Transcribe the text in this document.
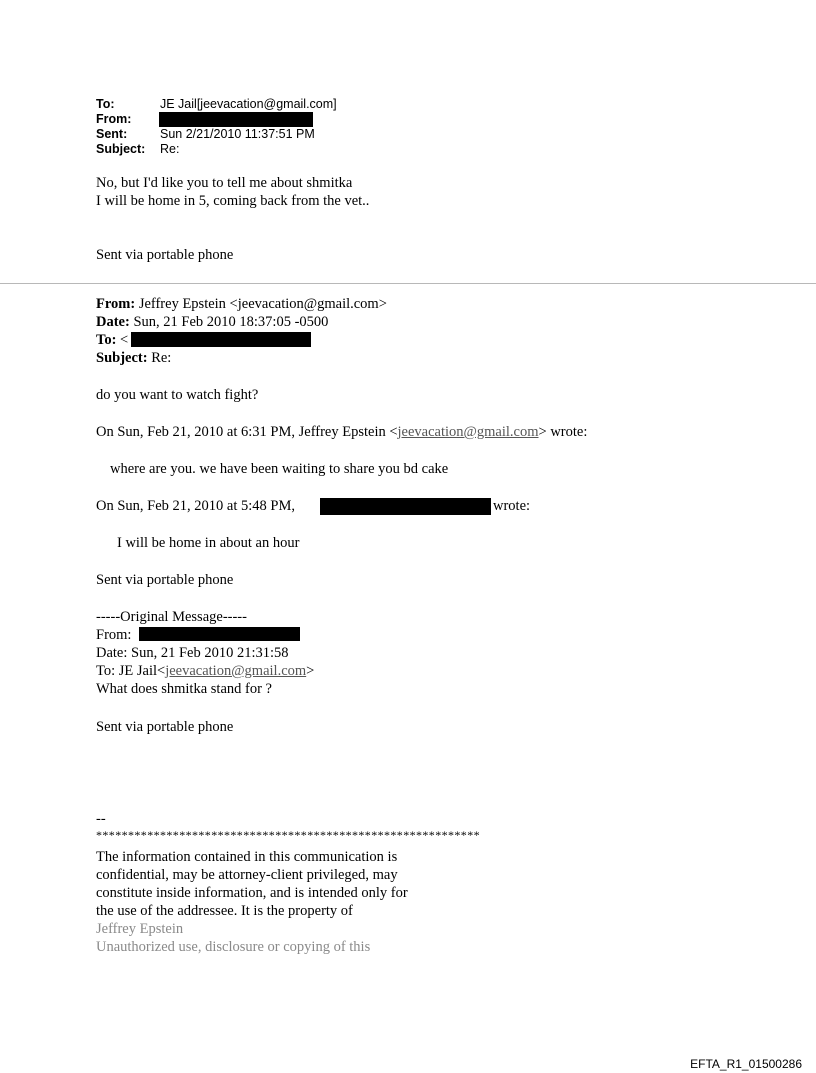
To:	JE Jail[jeevacation@gmail.com]
From:
Sent:	Sun 2/21/2010 11:37:51 PM
Subject: Re:
No, but I'd like you to tell me about shmitka
I will be home in 5, coming back from the vet..
Sent via portable phone
From: Jeffrey Epstein <jeevacation@gmail.com>
Date: Sun, 21 Feb 2010 18:37:05 -0500
To: <
Subject: Re:
do you want to watch fight?
On Sun, Feb 21, 2010 at 6:31 PM, Jeffrey Epstein <jeevacation@gmail.com> wrote:
where are you. we have been waiting to share you bd cake
On Sun, Feb 21, 2010 at 5:48 PM,	wrote:
I will be home in about an hour
Sent via portable phone
-----Original Message-----
From:
Date: Sun, 21 Feb 2010 21:31:58
To: JE Jail<jeevacation@gmail.com>
What does shmitka stand for ?
Sent via portable phone
--
************************************************************
The information contained in this communication is
confidential, may be attorney-client privileged, may
constitute inside information, and is intended only for
the use of the addressee. It is the property of
Jeffrey Epstein
Unauthorized use, disclosure or copying of this
EFTA_R1_01500286
